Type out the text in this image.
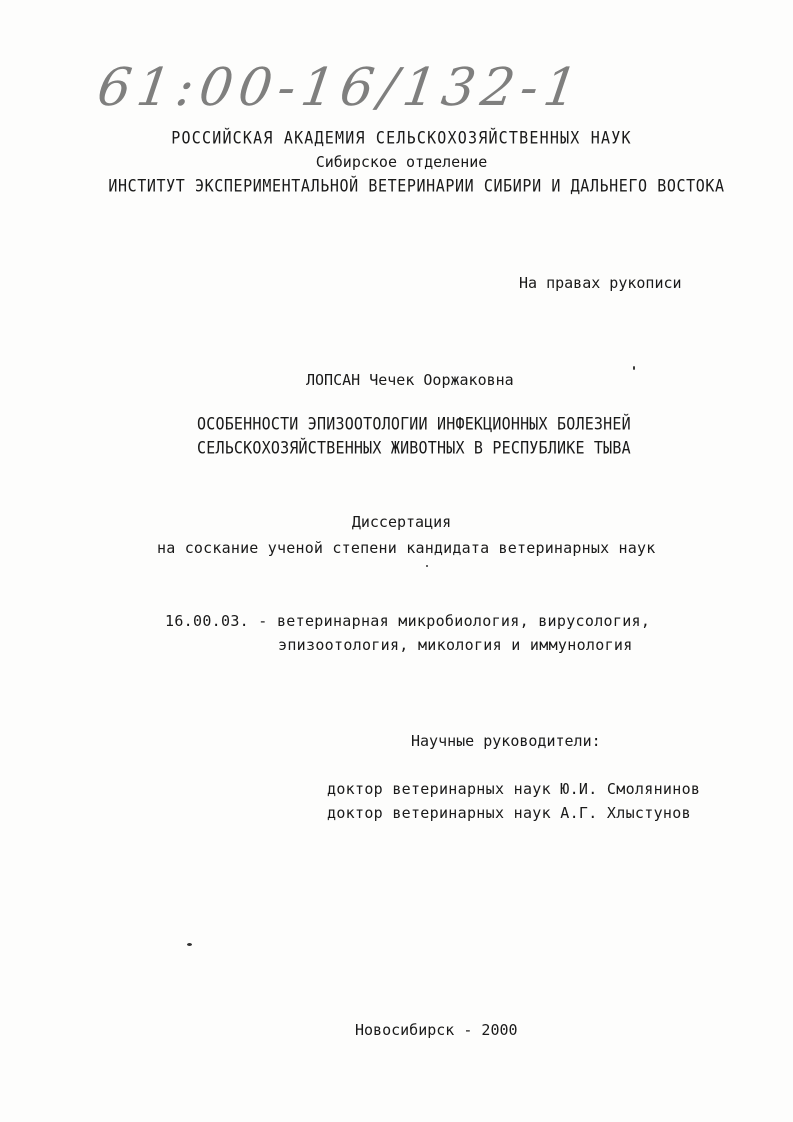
61:00-16/132-1
РОССИЙСКАЯ АКАДЕМИЯ СЕЛЬСКОХОЗЯЙСТВЕННЫХ НАУК
Сибирское отделение
ИНСТИТУТ ЭКСПЕРИМЕНТАЛЬНОЙ ВЕТЕРИНАРИИ СИБИРИ И ДАЛЬНЕГО ВОСТОКА
На правах рукописи
ЛОПСАН Чечек Ооржаковна
ОСОБЕННОСТИ ЭПИЗООТОЛОГИИ ИНФЕКЦИОННЫХ БОЛЕЗНЕЙ
СЕЛЬСКОХОЗЯЙСТВЕННЫХ ЖИВОТНЫХ В РЕСПУБЛИКЕ ТЫВА
Диссертация
на соскание ученой степени кандидата ветеринарных наук
16.00.03. - ветеринарная микробиология, вирусология,
эпизоотология, микология и иммунология
Научные руководители:
доктор ветеринарных наук Ю.И. Смолянинов
доктор ветеринарных наук А.Г. Хлыстунов
Новосибирск - 2000
